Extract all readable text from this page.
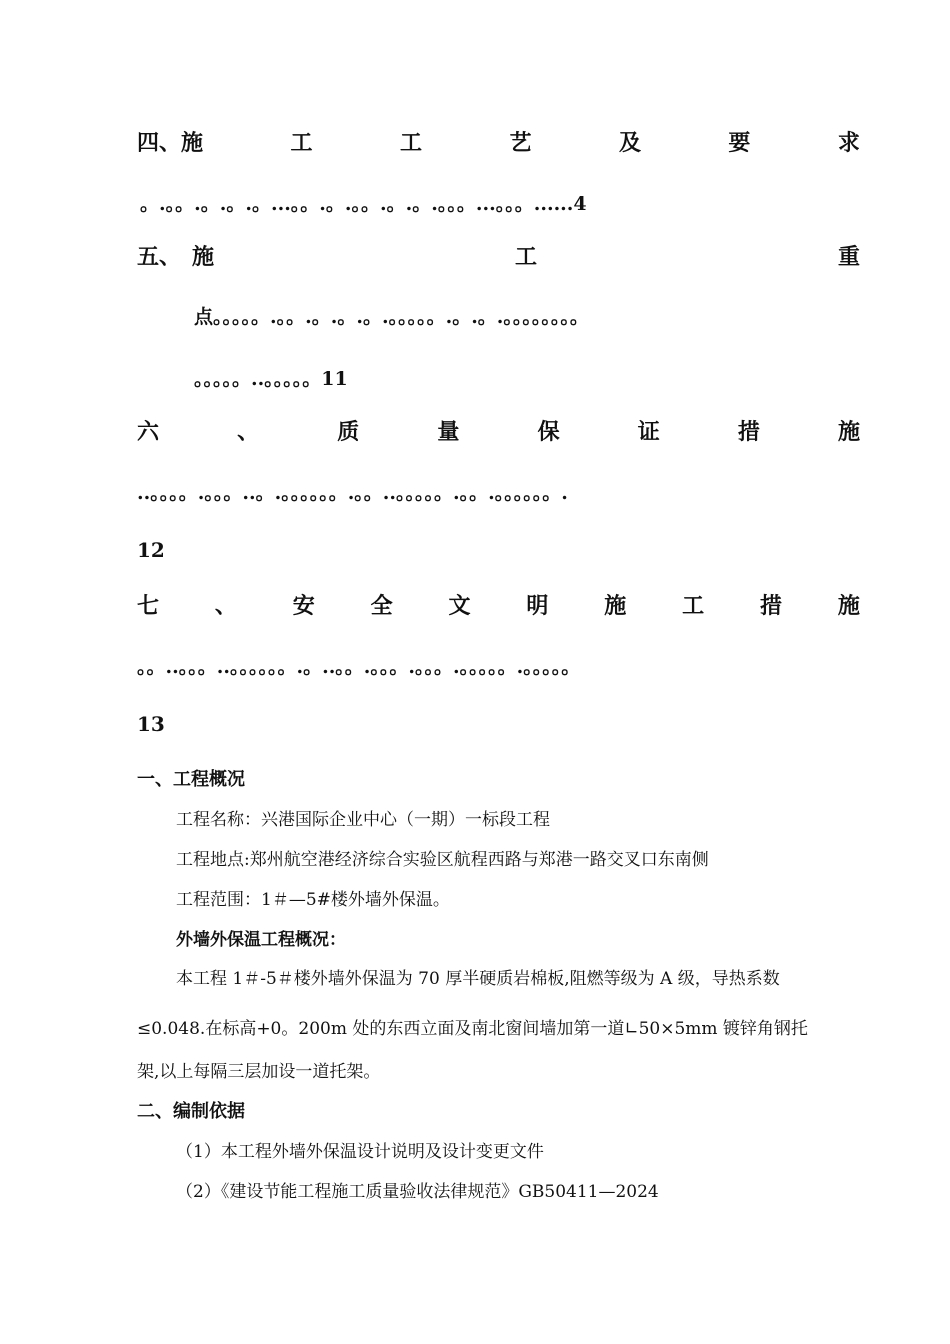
四、施	工	工	艺	及	要	求
。.。。.。.。.。...。。.。.。。.。.。.。。。...。。。......4
五、 施	工	重
点。。。。。.。。.。.。.。.。。。。。.。.。.。。。。。。。。
。。。。。..。。。。。11
六	、	质	量	保	证	措	施
..。。。。.。。。..。.。。。。。。.。。..。。。。。.。。.。。。。。。.
12
七	、	安	全	文	明	施	工	措	施
。。..。。。..。。。。。。.。..。。.。。。.。。。.。。。。。.。。。。。
13
一、工程概况
工程名称：兴港国际企业中心（一期）一标段工程
工程地点:郑州航空港经济综合实验区航程西路与郑港一路交叉口东南侧
工程范围：1＃—5#楼外墙外保温。
外墙外保温工程概况：
本工程 1＃-5＃楼外墙外保温为 70 厚半硬质岩棉板,阻燃等级为 A 级，导热系数
≤0.048.在标高+0。200m 处的东西立面及南北窗间墙加第一道∟50×5mm 镀锌角钢托
架,以上每隔三层加设一道托架。
二、编制依据
（1）本工程外墙外保温设计说明及设计变更文件
（2）《建设节能工程施工质量验收法律规范》GB50411—2024
